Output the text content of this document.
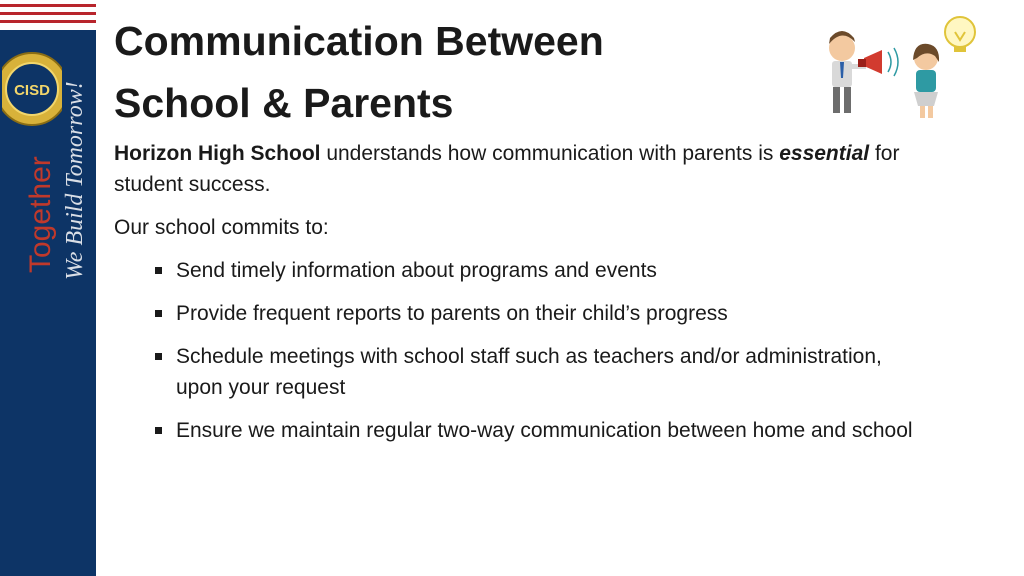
CISD
Together We Build Tomorrow!
Communication Between
School & Parents
Horizon High School understands how communication with parents is essential for student success.
Our school commits to:
Send timely information about programs and events
Provide frequent reports to parents on their child’s progress
Schedule meetings with school staff such as teachers and/or administration, upon your request
Ensure we maintain regular two-way communication between home and school
